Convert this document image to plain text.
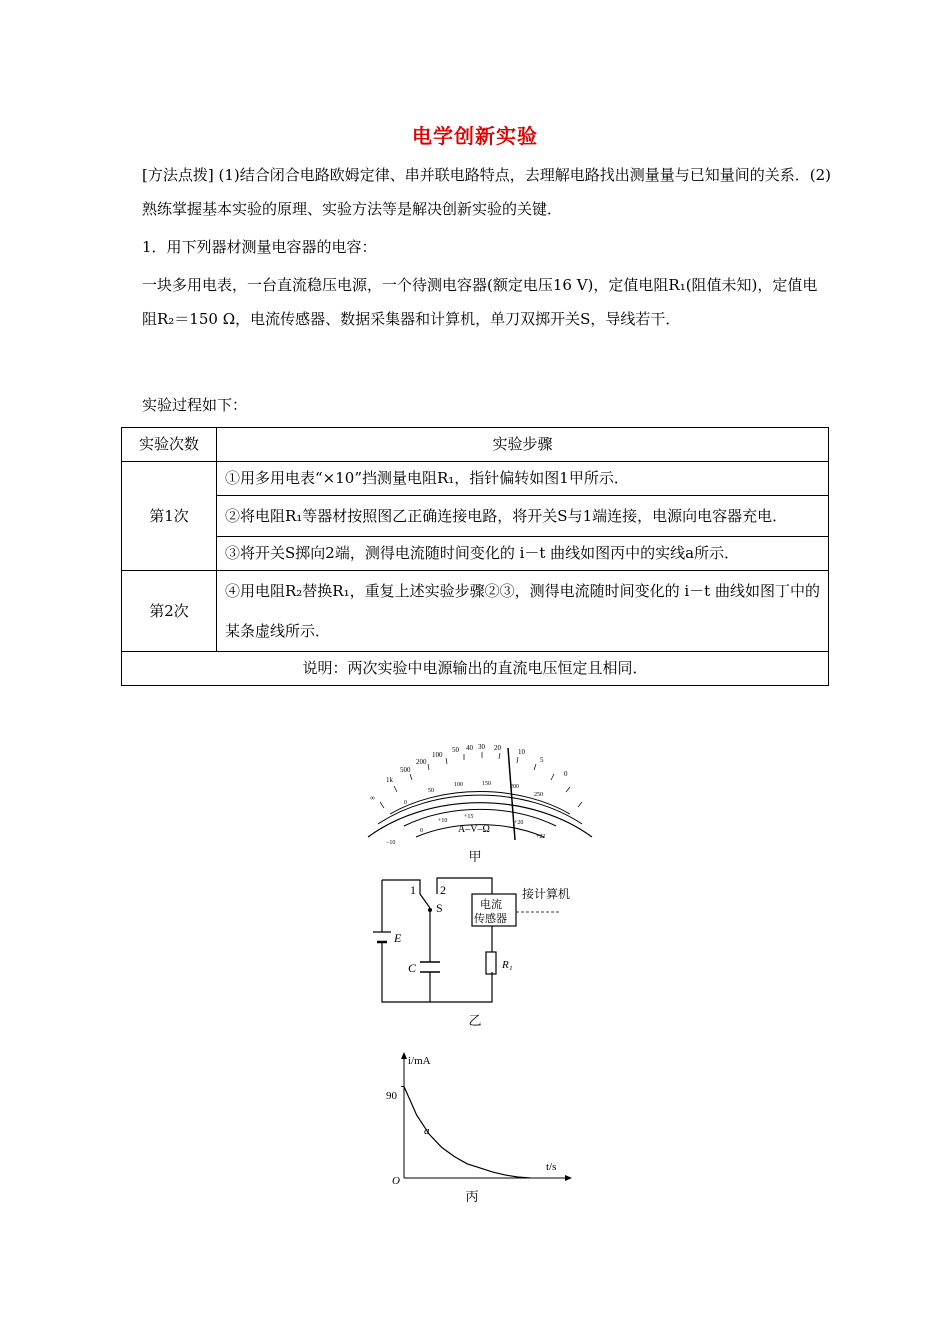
电学创新实验
[方法点拨] (1)结合闭合电路欧姆定律、串并联电路特点，去理解电路找出测量量与已知量间的关系．(2)熟练掌握基本实验的原理、实验方法等是解决创新实验的关键．
1．用下列器材测量电容器的电容：
一块多用电表，一台直流稳压电源，一个待测电容器(额定电压16 V)，定值电阻R₁(阻值未知)，定值电阻R₂＝150 Ω，电流传感器、数据采集器和计算机，单刀双掷开关S，导线若干．
实验过程如下：
实验次数	实验步骤
第1次	①用多用电表“×10”挡测量电阻R₁，指针偏转如图1甲所示．
	②将电阻R₁等器材按照图乙正确连接电路，将开关S与1端连接，电源向电容器充电．
	③将开关S掷向2端，测得电流随时间变化的 i－t 曲线如图丙中的实线a所示．
第2次	④用电阻R₂替换R₁，重复上述实验步骤②③，测得电流随时间变化的 i－t 曲线如图丁中的某条虚线所示．
说明：两次实验中电源输出的直流电压恒定且相同．	
∞
1k
500
200
100
50 40 30 20 10
5
0
0
50
100	150	200
250
−10
0
+10
+15
+20
+22
A–V–Ω
甲
1 2
S
E
C	R₁
电流
传感器
接计算机
乙
i/mA
t/s
O
90
a
丙
